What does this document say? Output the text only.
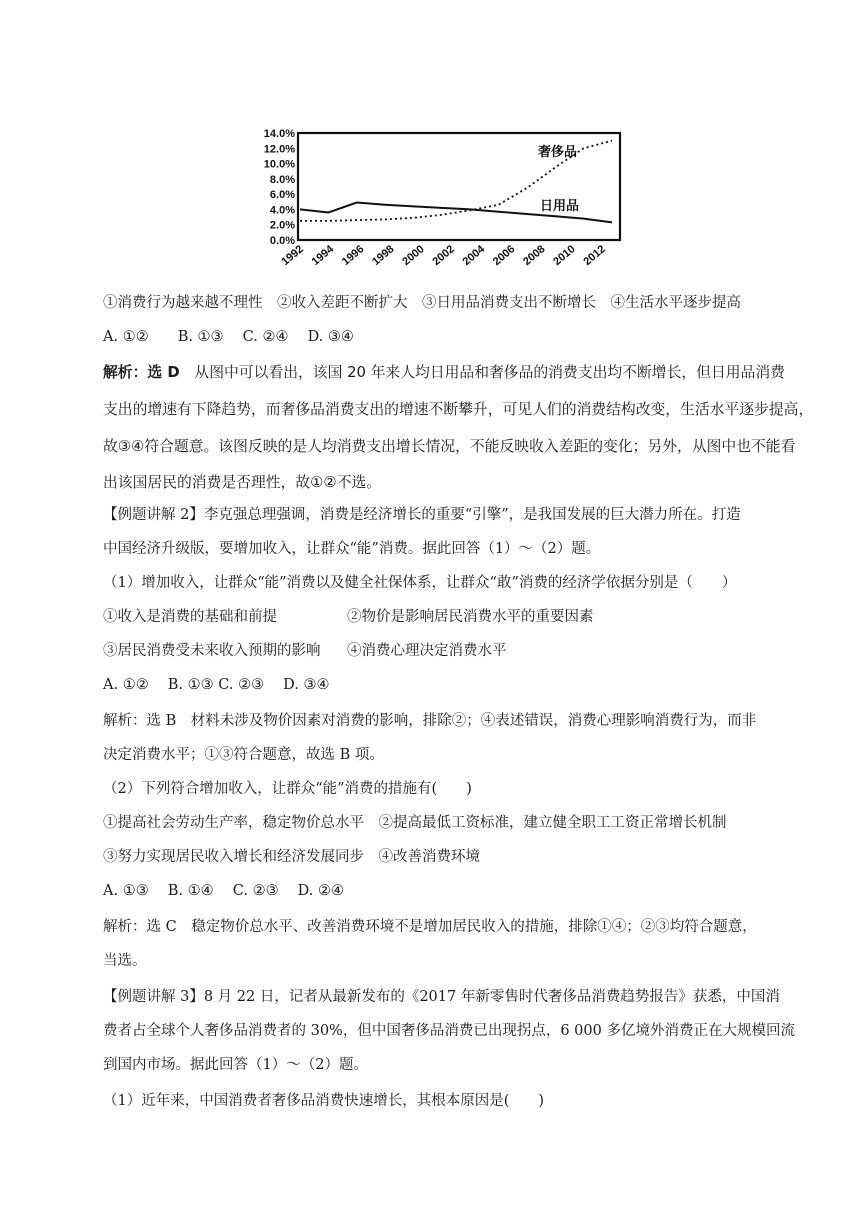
0.0%
2.0%
4.0%
6.0%
8.0%
10.0%
12.0%
14.0%
1992 1994 1996 1998 2000 2002 2004 2006 2008 2010 2012
奢侈品
日用品
①消费行为越来越不理性　②收入差距不断扩大　③日用品消费支出不断增长　④生活水平逐步提高
A. ①②　　B. ①③　 C. ②④　 D. ③④
解析：选 D　从图中可以看出，该国 20 年来人均日用品和奢侈品的消费支出均不断增长，但日用品消费
支出的增速有下降趋势，而奢侈品消费支出的增速不断攀升，可见人们的消费结构改变，生活水平逐步提高，
故③④符合题意。该图反映的是人均消费支出增长情况，不能反映收入差距的变化；另外，从图中也不能看
出该国居民的消费是否理性，故①②不选。
【例题讲解 2】李克强总理强调，消费是经济增长的重要“引擎”，是我国发展的巨大潜力所在。打造
中国经济升级版，要增加收入，让群众“能”消费。据此回答（1）～（2）题。
（1）增加收入，让群众“能”消费以及健全社保体系，让群众“敢”消费的经济学依据分别是（　　）
①收入是消费的基础和前提	②物价是影响居民消费水平的重要因素
③居民消费受未来收入预期的影响	④消费心理决定消费水平
A. ①②　 B. ①③ C. ②③　 D. ③④
解析：选 B　材料未涉及物价因素对消费的影响，排除②；④表述错误，消费心理影响消费行为，而非
决定消费水平；①③符合题意，故选 B 项。
（2）下列符合增加收入，让群众“能”消费的措施有(　　)
①提高社会劳动生产率，稳定物价总水平　②提高最低工资标准，建立健全职工工资正常增长机制
③努力实现居民收入增长和经济发展同步　④改善消费环境
A. ①③　 B. ①④　 C. ②③　 D. ②④
解析：选 C　稳定物价总水平、改善消费环境不是增加居民收入的措施，排除①④；②③均符合题意，
当选。
【例题讲解 3】8 月 22 日，记者从最新发布的《2017 年新零售时代奢侈品消费趋势报告》获悉，中国消
费者占全球个人奢侈品消费者的 30%，但中国奢侈品消费已出现拐点，6 000 多亿境外消费正在大规模回流
到国内市场。据此回答（1）～（2）题。
（1）近年来，中国消费者奢侈品消费快速增长，其根本原因是(　　)
